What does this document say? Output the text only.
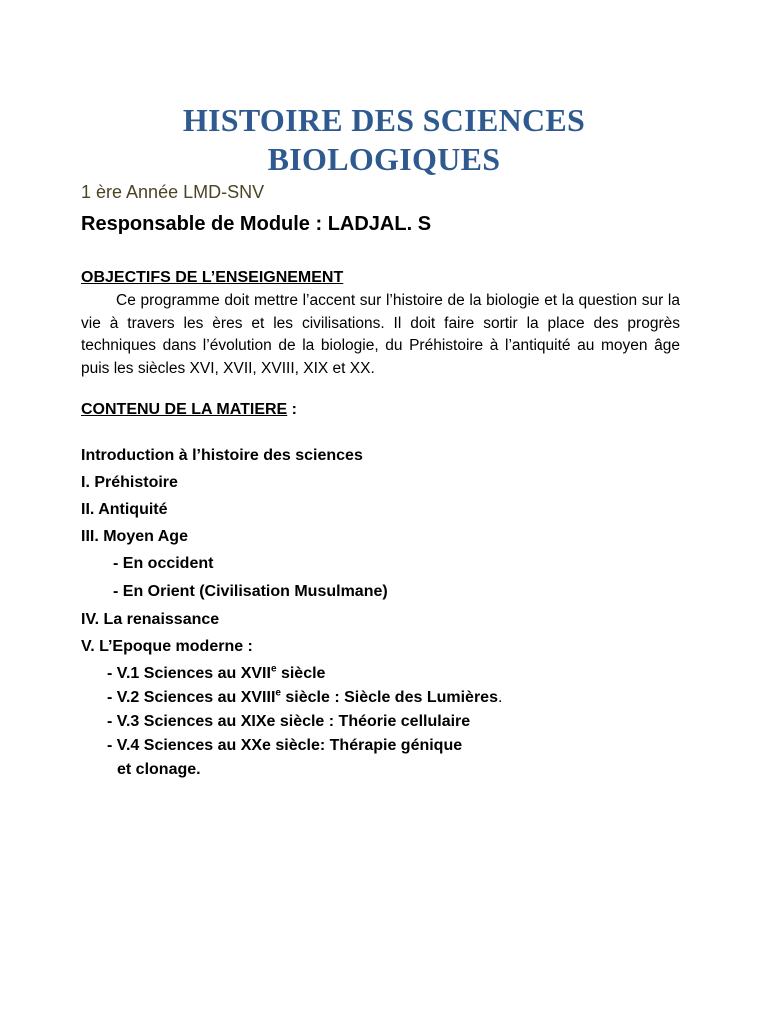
HISTOIRE DES SCIENCES
BIOLOGIQUES
1 ère Année LMD-SNV
Responsable de Module : LADJAL. S
OBJECTIFS DE L’ENSEIGNEMENT
Ce programme doit mettre l’accent sur l’histoire de la biologie et la question sur la vie à travers les ères et les civilisations. Il doit faire sortir la place des progrès techniques dans l’évolution de la biologie, du Préhistoire à l’antiquité au moyen âge puis les siècles XVI, XVII, XVIII, XIX et XX.
CONTENU DE LA MATIERE :
Introduction à l’histoire des sciences
I. Préhistoire
II. Antiquité
III. Moyen Age
- En occident
- En Orient (Civilisation Musulmane)
IV. La renaissance
V. L’Epoque moderne :
- V.1 Sciences au XVIIe siècle
- V.2 Sciences au XVIIIe siècle : Siècle des Lumières.
- V.3 Sciences au XIXe siècle : Théorie cellulaire
- V.4 Sciences au XXe siècle: Thérapie génique
et clonage.
